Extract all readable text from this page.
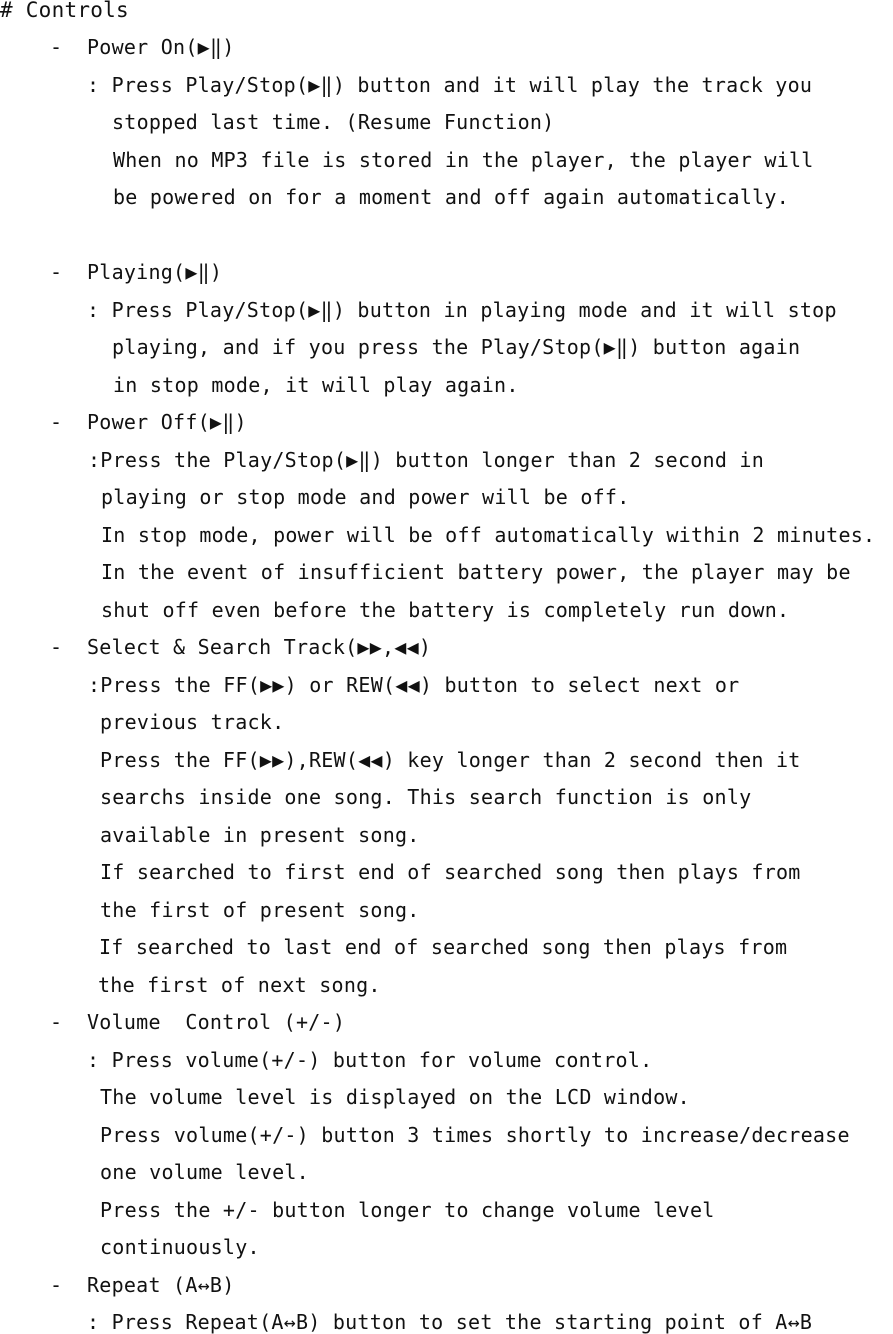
# Controls
- Power On(▶‖)
: Press Play/Stop(▶‖) button and it will play the track you
stopped last time. (Resume Function)
When no MP3 file is stored in the player, the player will
be powered on for a moment and off again automatically.
- Playing(▶‖)
: Press Play/Stop(▶‖) button in playing mode and it will stop
playing, and if you press the Play/Stop(▶‖) button again
in stop mode, it will play again.
- Power Off(▶‖)
:Press the Play/Stop(▶‖) button longer than 2 second in
playing or stop mode and power will be off.
In stop mode, power will be off automatically within 2 minutes.
In the event of insufficient battery power, the player may be
shut off even before the battery is completely run down.
- Select & Search Track(▶▶,◀◀)
:Press the FF(▶▶) or REW(◀◀) button to select next or
previous track.
Press the FF(▶▶),REW(◀◀) key longer than 2 second then it
searchs inside one song. This search function is only
available in present song.
If searched to first end of searched song then plays from
the first of present song.
If searched to last end of searched song then plays from
the first of next song.
- Volume  Control (+/-)
: Press volume(+/-) button for volume control.
The volume level is displayed on the LCD window.
Press volume(+/-) button 3 times shortly to increase/decrease
one volume level.
Press the +/- button longer to change volume level
continuously.
- Repeat (A↔B)
: Press Repeat(A↔B) button to set the starting point of A↔B
